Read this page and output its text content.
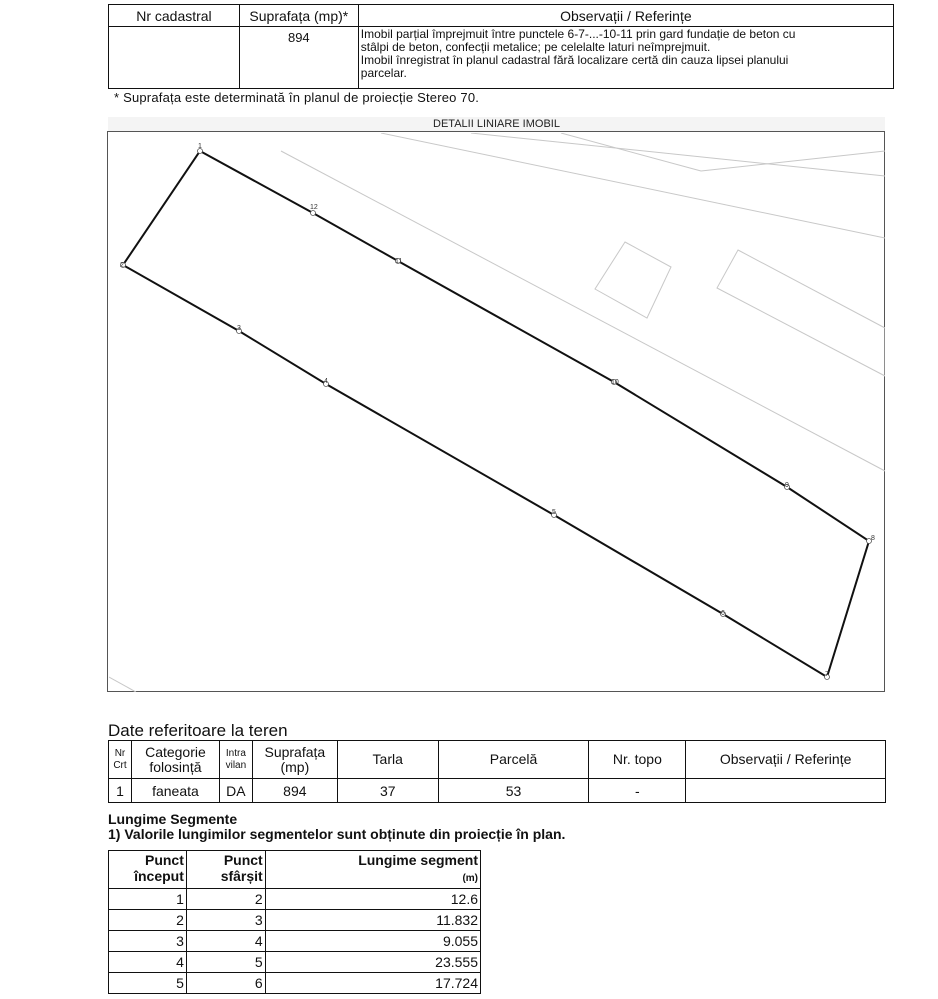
Nr cadastral	Suprafața (mp)*	Observații / Referințe
	894	Imobil parțial împrejmuit între punctele 6-7-...-10-11 prin gard fundație de beton cu
stâlpi de beton, confecții metalice; pe celelalte laturi neîmprejmuit.
Imobil înregistrat în planul cadastral fără localizare certă din cauza lipsei planului
parcelar.
* Suprafața este determinată în planul de proiecție Stereo 70.
DETALII LINIARE IMOBIL
1
2
3
4
5
6
7
8
9
10
11
12
Date referitoare la teren
Nr Crt	Categorie folosință	Intra vilan	Suprafața (mp)	Tarla	Parcelă	Nr. topo	Observații / Referințe
1	faneata	DA	894	37	53	-	
Lungime Segmente
1) Valorile lungimilor segmentelor sunt obținute din proiecție în plan.
Punct început	Punct sfârșit	Lungime segment
(m)
1	2	12.6
2	3	11.832
3	4	9.055
4	5	23.555
5	6	17.724
